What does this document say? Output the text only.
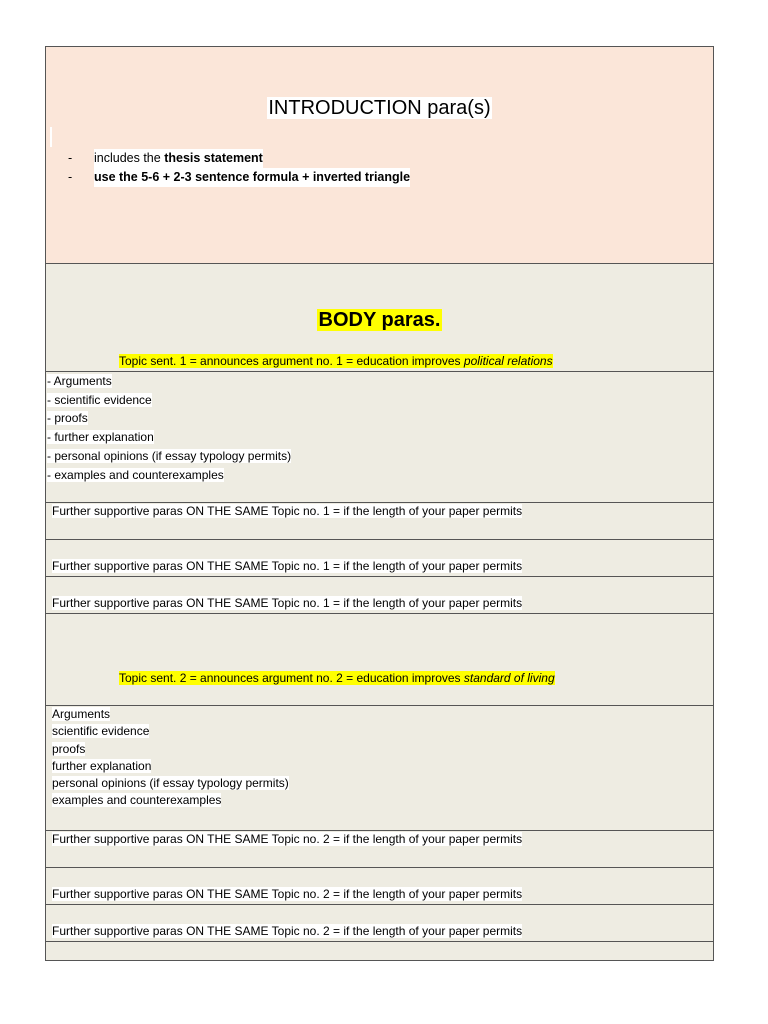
INTRODUCTION para(s)
-	includes the thesis statement
-	use the 5-6 + 2-3 sentence formula + inverted triangle
BODY paras.
Topic sent. 1 = announces argument no. 1 = education improves political relations
- Arguments
- scientific evidence
- proofs
- further explanation
- personal opinions (if essay typology permits)
- examples and counterexamples
Further supportive paras ON THE SAME Topic no. 1 = if the length of your paper permits
Further supportive paras ON THE SAME Topic no. 1 = if the length of your paper permits
Further supportive paras ON THE SAME Topic no. 1 = if the length of your paper permits
Topic sent. 2 = announces argument no. 2 = education improves standard of living
Arguments
scientific evidence
proofs
further explanation
personal opinions (if essay typology permits)
examples and counterexamples
Further supportive paras ON THE SAME Topic no. 2 = if the length of your paper permits
Further supportive paras ON THE SAME Topic no. 2 = if the length of your paper permits
Further supportive paras ON THE SAME Topic no. 2 = if the length of your paper permits
